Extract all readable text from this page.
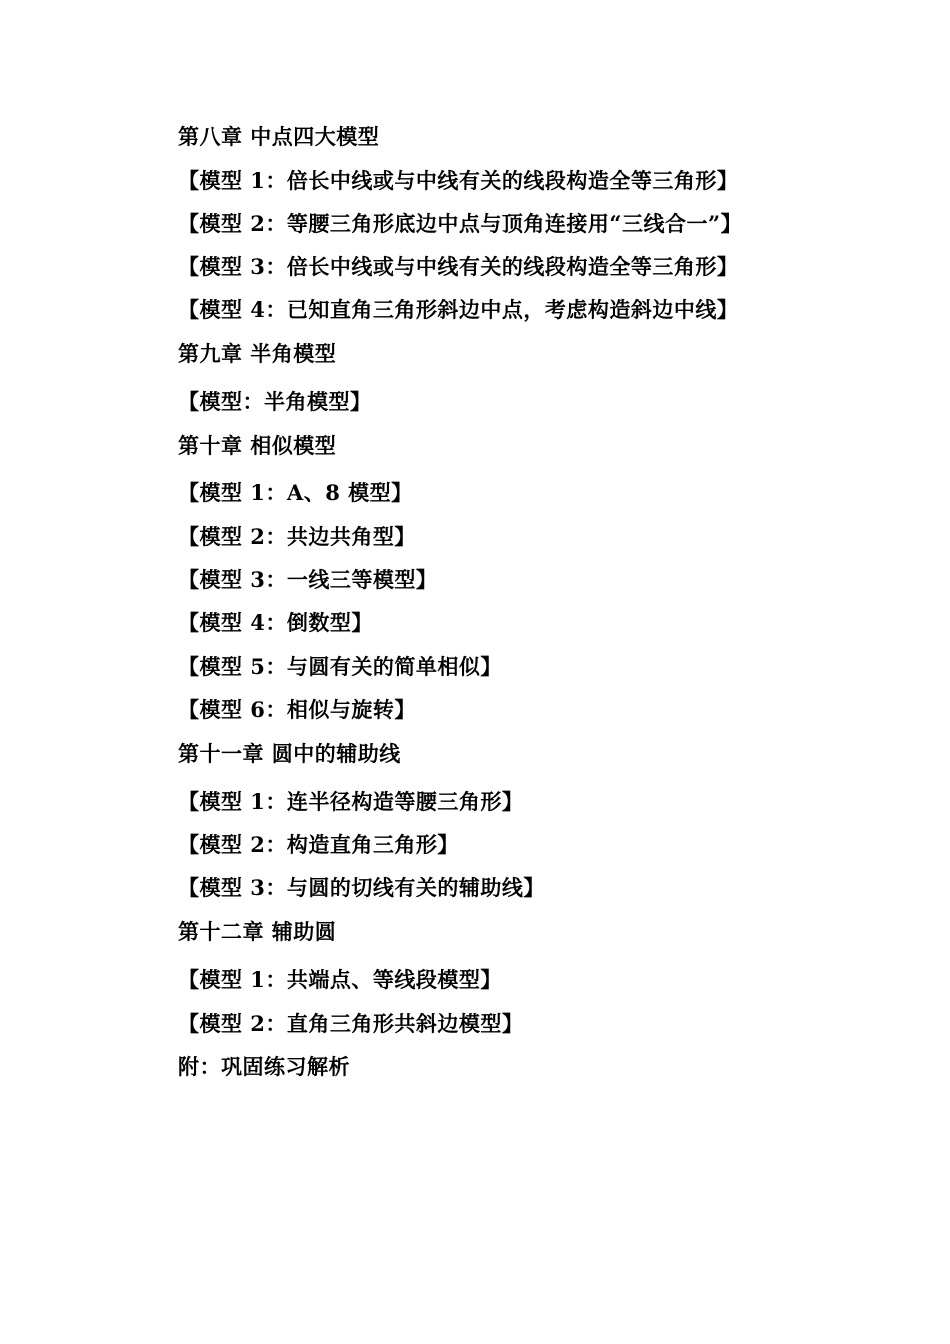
第八章 中点四大模型
【模型 1：倍长中线或与中线有关的线段构造全等三角形】
【模型 2：等腰三角形底边中点与顶角连接用“三线合一”】
【模型 3：倍长中线或与中线有关的线段构造全等三角形】
【模型 4：已知直角三角形斜边中点，考虑构造斜边中线】
第九章 半角模型
【模型：半角模型】
第十章 相似模型
【模型 1：A、8 模型】
【模型 2：共边共角型】
【模型 3：一线三等模型】
【模型 4：倒数型】
【模型 5：与圆有关的简单相似】
【模型 6：相似与旋转】
第十一章 圆中的辅助线
【模型 1：连半径构造等腰三角形】
【模型 2：构造直角三角形】
【模型 3：与圆的切线有关的辅助线】
第十二章 辅助圆
【模型 1：共端点、等线段模型】
【模型 2：直角三角形共斜边模型】
附：巩固练习解析
